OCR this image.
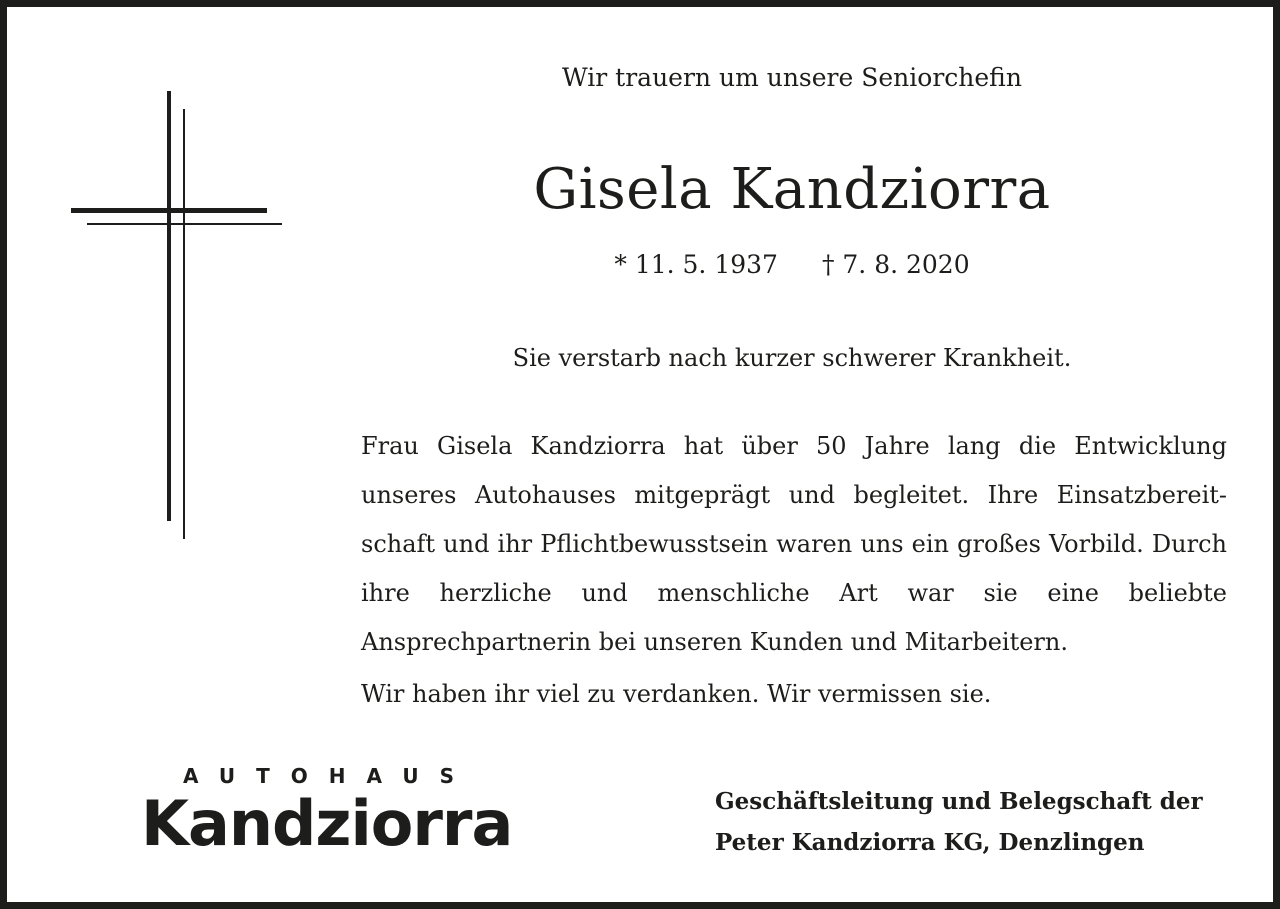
Wir trauern um unsere Seniorchefin
Gisela Kandziorra
* 11. 5. 1937 † 7. 8. 2020
Sie verstarb nach kurzer schwerer Krankheit.
Frau Gisela Kandziorra hat über 50 Jahre lang die Entwicklung unseres Autohauses mitgeprägt und begleitet. Ihre Einsatzbereit-schaft und ihr Pflichtbewusstsein waren uns ein großes Vorbild. Durch ihre herzliche und menschliche Art war sie eine beliebte Ansprechpartnerin bei unseren Kunden und Mitarbeitern.
Wir haben ihr viel zu verdanken. Wir vermissen sie.
AUTOHAUS
Kandziorra	Geschäftsleitung und Belegschaft der
Peter Kandziorra KG, Denzlingen
